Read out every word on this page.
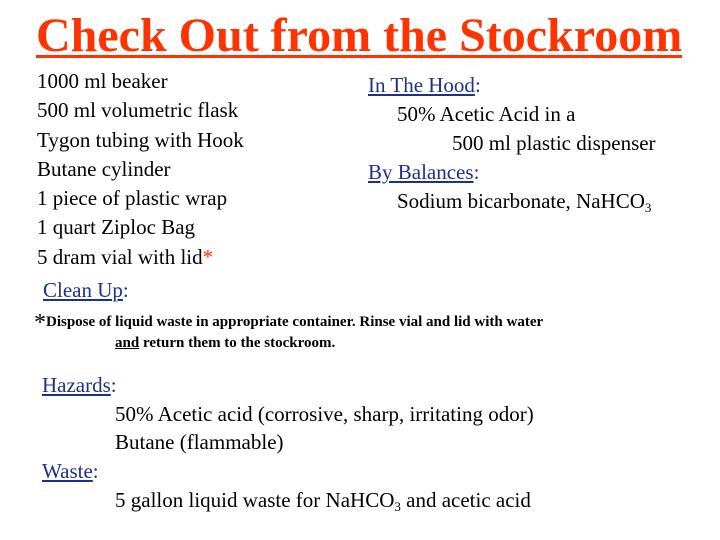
Check Out from the Stockroom
1000 ml beaker
500 ml volumetric flask
Tygon tubing with Hook
Butane cylinder
1 piece of plastic wrap
1 quart Ziploc Bag
5 dram vial with lid*
In The Hood:
50% Acetic Acid in a
500 ml plastic dispenser
By Balances:
Sodium bicarbonate, NaHCO$_3$
Clean Up:
*Dispose of liquid waste in appropriate container. Rinse vial and lid with water
and return them to the stockroom.
Hazards:
50% Acetic acid (corrosive, sharp, irritating odor)
Butane (flammable)
Waste:
5 gallon liquid waste for NaHCO$_3$ and acetic acid
